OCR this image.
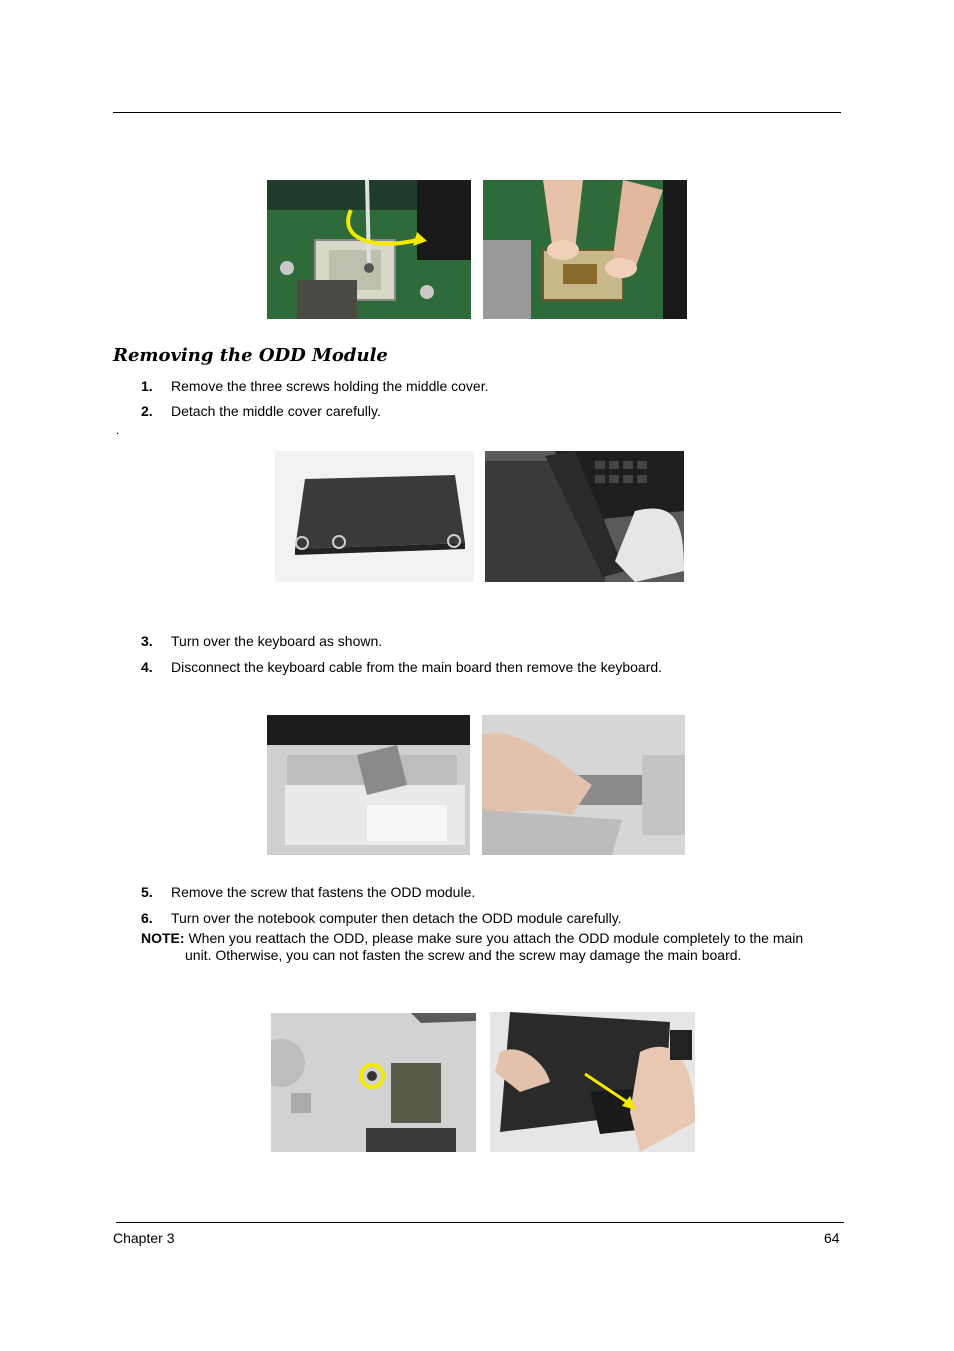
Removing the ODD Module
1. Remove the three screws holding the middle cover.
2. Detach the middle cover carefully.
.
3. Turn over the keyboard as shown.
4. Disconnect the keyboard cable from the main board then remove the keyboard.
5. Remove the screw that fastens the ODD module.
6. Turn over the notebook computer then detach the ODD module carefully.
NOTE: When you reattach the ODD, please make sure you attach the ODD module completely to the main
unit. Otherwise, you can not fasten the screw and the screw may damage the main board.
Chapter 3	64
